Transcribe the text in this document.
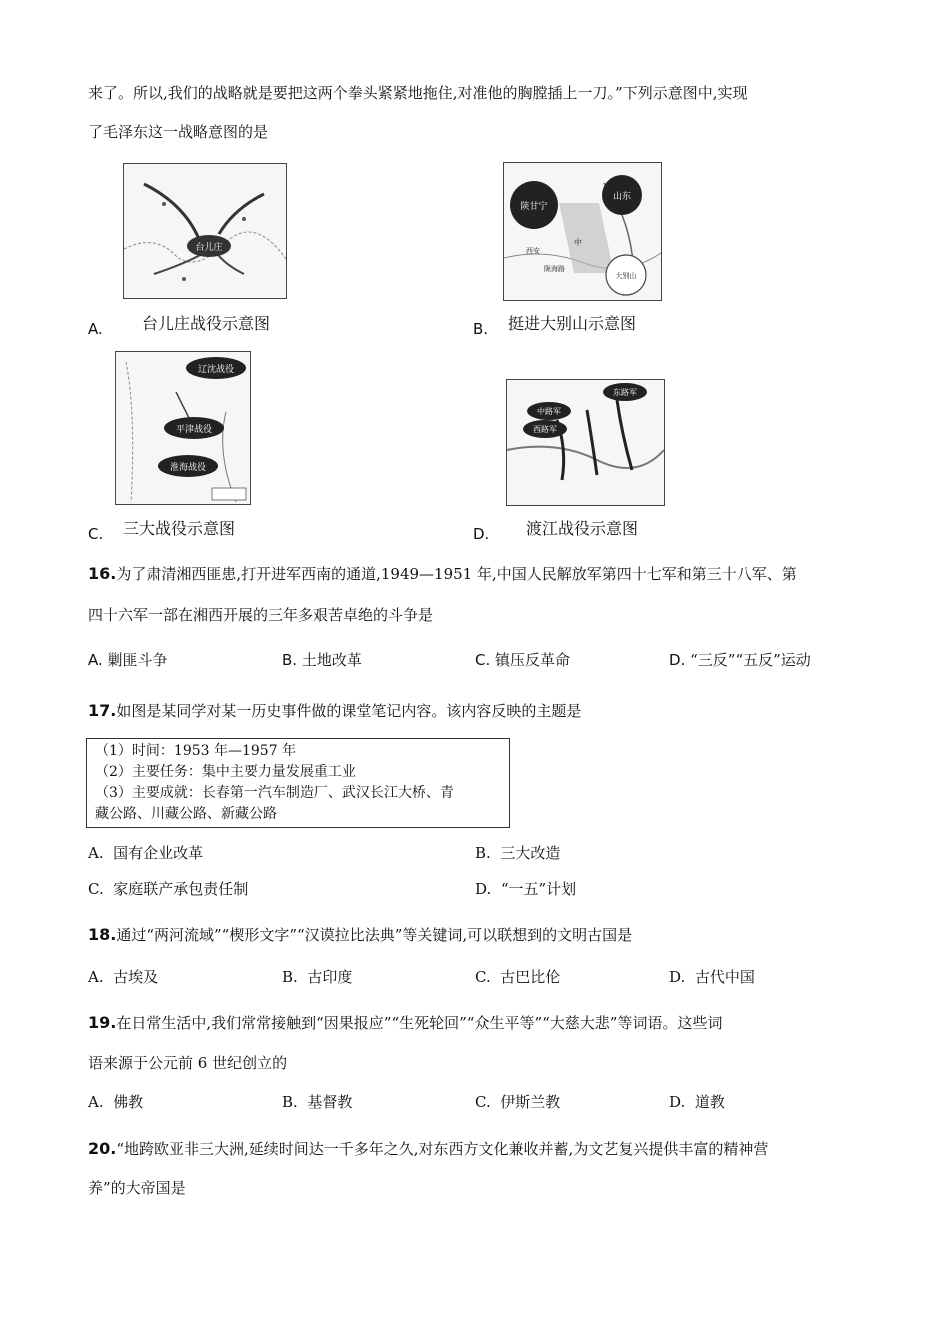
来了。所以,我们的战略就是要把这两个拳头紧紧地拖住,对准他的胸膛插上一刀。”下列示意图中,实现
了毛泽东这一战略意图的是
台儿庄
A. 台儿庄战役示意图
陕甘宁
山东
大别山
西安
中
陇海路
B. 挺进大别山示意图
辽沈战役
平津战役
淮海战役
C. 三大战役示意图
东路军
中路军
西路军
D. 渡江战役示意图
16.为了肃清湘西匪患,打开进军西南的通道,1949—1951 年,中国人民解放军第四十七军和第三十八军、第
四十六军一部在湘西开展的三年多艰苦卓绝的斗争是
A. 剿匪斗争	B. 土地改革	C. 镇压反革命	D. “三反”“五反”运动
17.如图是某同学对某一历史事件做的课堂笔记内容。该内容反映的主题是
（1）时间：1953 年—1957 年
（2）主要任务：集中主要力量发展重工业
（3）主要成就：长春第一汽车制造厂、武汉长江大桥、青
藏公路、川藏公路、新藏公路
A. 国有企业改革	B. 三大改造
C. 家庭联产承包责任制	D. “一五”计划
18.通过“两河流域”“楔形文字”“汉谟拉比法典”等关键词,可以联想到的文明古国是
A. 古埃及	B. 古印度	C. 古巴比伦	D. 古代中国
19.在日常生活中,我们常常接触到“因果报应”“生死轮回”“众生平等”“大慈大悲”等词语。这些词
语来源于公元前 6 世纪创立的
A. 佛教	B. 基督教	C. 伊斯兰教	D. 道教
20.“地跨欧亚非三大洲,延续时间达一千多年之久,对东西方文化兼收并蓄,为文艺复兴提供丰富的精神营
养”的大帝国是
